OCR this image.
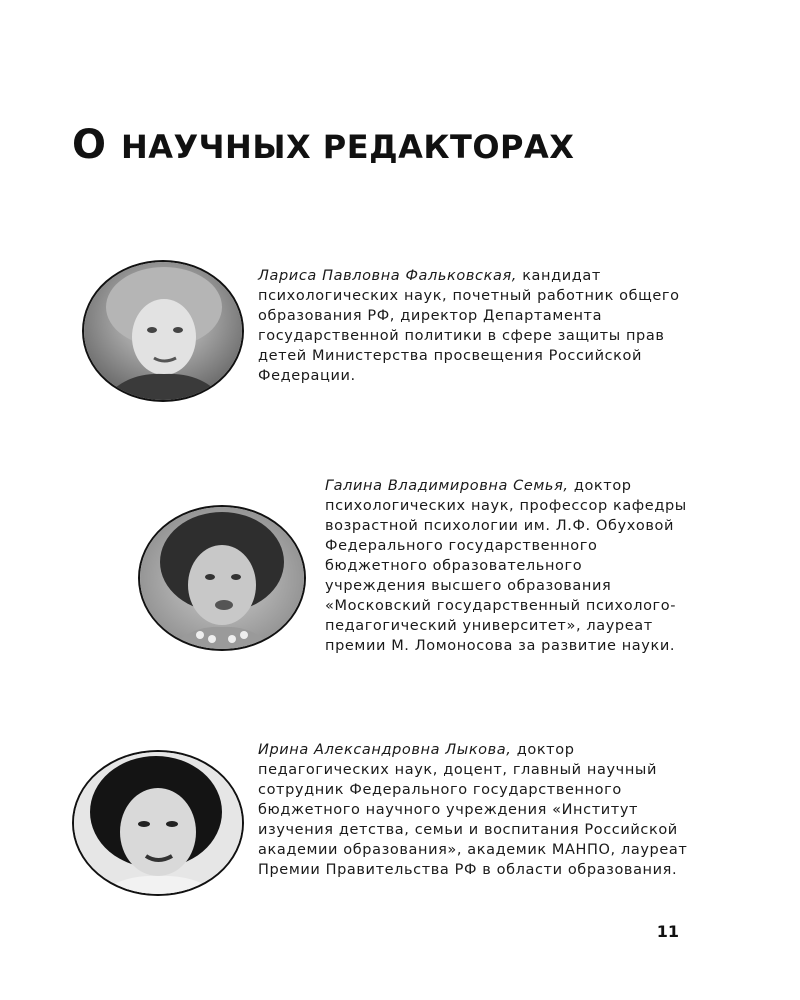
О НАУЧНЫХ РЕДАКТОРАХ

Лариса Павловна Фальковская, кандидат психологических наук, почетный работник общего образования РФ, директор Департамента государственной политики в сфере защиты прав детей Министерства просвещения Российской Федерации.

Галина Владимировна Семья, доктор психологических наук, профессор кафедры возрастной психологии им. Л.Ф. Обуховой Федерального государственного бюджетного образовательного учреждения высшего образования «Московский государственный психолого-педагогический университет», лауреат премии М. Ломоносова за развитие науки.

Ирина Александровна Лыкова, доктор педагогических наук, доцент, главный научный сотрудник Федерального государственного бюджетного научного учреждения «Институт изучения детства, семьи и воспитания Российской академии образования», академик МАНПО, лауреат Премии Правительства РФ в области образования.

11
